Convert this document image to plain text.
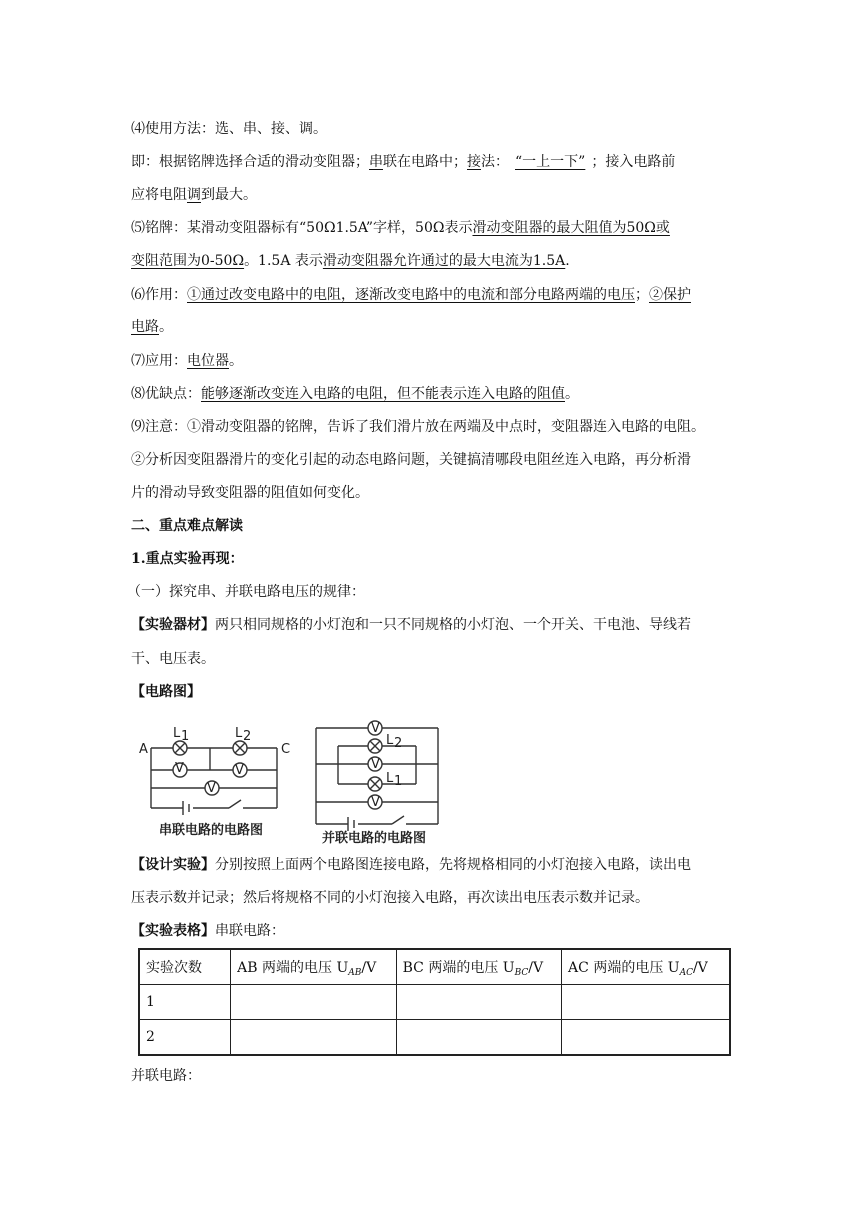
⑷使用方法：选、串、接、调。
即：根据铭牌选择合适的滑动变阻器；串联在电路中；接法： “一上一下” ；接入电路前
应将电阻调到最大。
⑸铭牌：某滑动变阻器标有“50Ω1.5A”字样，50Ω表示滑动变阻器的最大阻值为50Ω或
变阻范围为0-50Ω。1.5A 表示滑动变阻器允许通过的最大电流为1.5A.
⑹作用：①通过改变电路中的电阻，逐渐改变电路中的电流和部分电路两端的电压；②保护
电路。
⑺应用：电位器。
⑻优缺点：能够逐渐改变连入电路的电阻，但不能表示连入电路的阻值。
⑼注意：①滑动变阻器的铭牌，告诉了我们滑片放在两端及中点时，变阻器连入电路的电阻。
②分析因变阻器滑片的变化引起的动态电路问题，关键搞清哪段电阻丝连入电路，再分析滑
片的滑动导致变阻器的阻值如何变化。
二、重点难点解读
1.重点实验再现：
（一）探究串、并联电路电压的规律：
【实验器材】两只相同规格的小灯泡和一只不同规格的小灯泡、一个开关、干电池、导线若
干、电压表。
【电路图】
V	V
V
A	C
L 1	L 2
串联电路的电路图
V
V
V
L 2
L 1
并联电路的电路图
【设计实验】分别按照上面两个电路图连接电路，先将规格相同的小灯泡接入电路，读出电
压表示数并记录；然后将规格不同的小灯泡接入电路，再次读出电压表示数并记录。
【实验表格】串联电路：
实验次数	AB 两端的电压 $U_{AB}/V$	BC 两端的电压 $U_{BC}/V$	AC 两端的电压 $U_{AC}/V$
1			
2			
并联电路：
